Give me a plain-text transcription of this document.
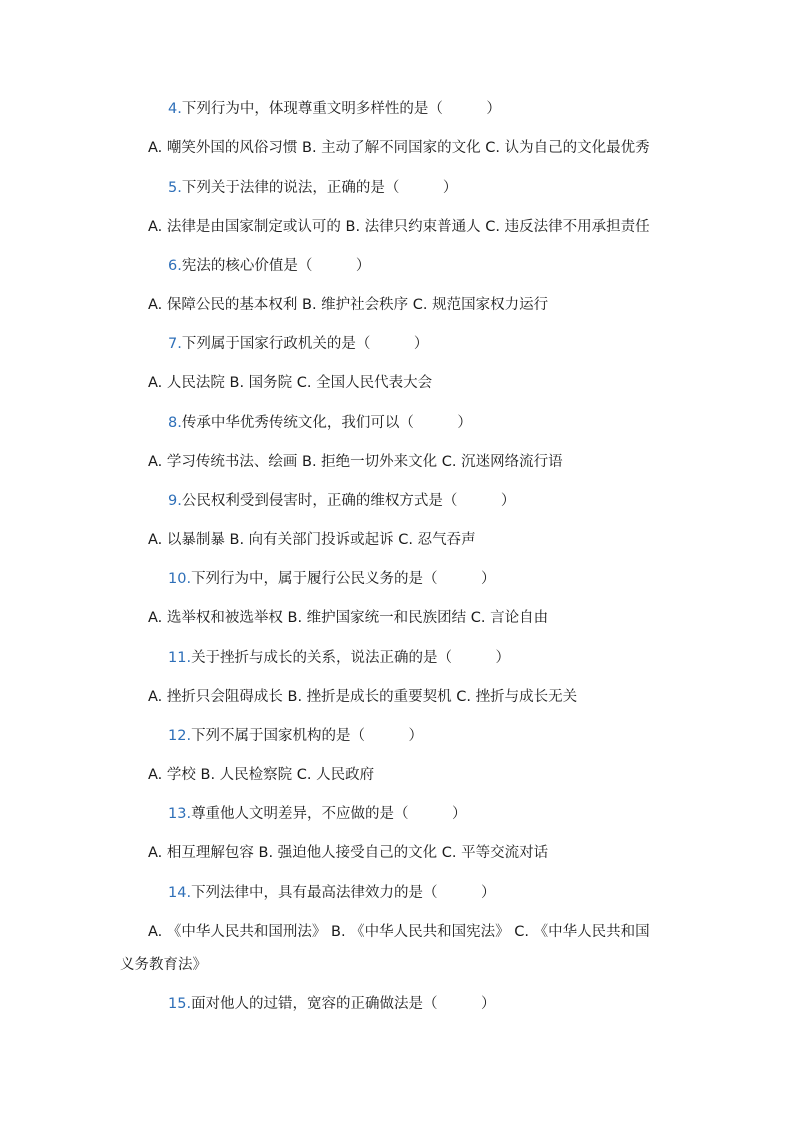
4.下列行为中，体现尊重文明多样性的是（　　　）
A. 嘲笑外国的风俗习惯 B. 主动了解不同国家的文化 C. 认为自己的文化最优秀
5.下列关于法律的说法，正确的是（　　　）
A. 法律是由国家制定或认可的 B. 法律只约束普通人 C. 违反法律不用承担责任
6.宪法的核心价值是（　　　）
A. 保障公民的基本权利 B. 维护社会秩序 C. 规范国家权力运行
7.下列属于国家行政机关的是（　　　）
A. 人民法院 B. 国务院 C. 全国人民代表大会
8.传承中华优秀传统文化，我们可以（　　　）
A. 学习传统书法、绘画 B. 拒绝一切外来文化 C. 沉迷网络流行语
9.公民权利受到侵害时，正确的维权方式是（　　　）
A. 以暴制暴 B. 向有关部门投诉或起诉 C. 忍气吞声
10.下列行为中，属于履行公民义务的是（　　　）
A. 选举权和被选举权 B. 维护国家统一和民族团结 C. 言论自由
11.关于挫折与成长的关系，说法正确的是（　　　）
A. 挫折只会阻碍成长 B. 挫折是成长的重要契机 C. 挫折与成长无关
12.下列不属于国家机构的是（　　　）
A. 学校 B. 人民检察院 C. 人民政府
13.尊重他人文明差异，不应做的是（　　　）
A. 相互理解包容 B. 强迫他人接受自己的文化 C. 平等交流对话
14.下列法律中，具有最高法律效力的是（　　　）
A. 《中华人民共和国刑法》 B. 《中华人民共和国宪法》 C. 《中华人民共和国
义务教育法》
15.面对他人的过错，宽容的正确做法是（　　　）
